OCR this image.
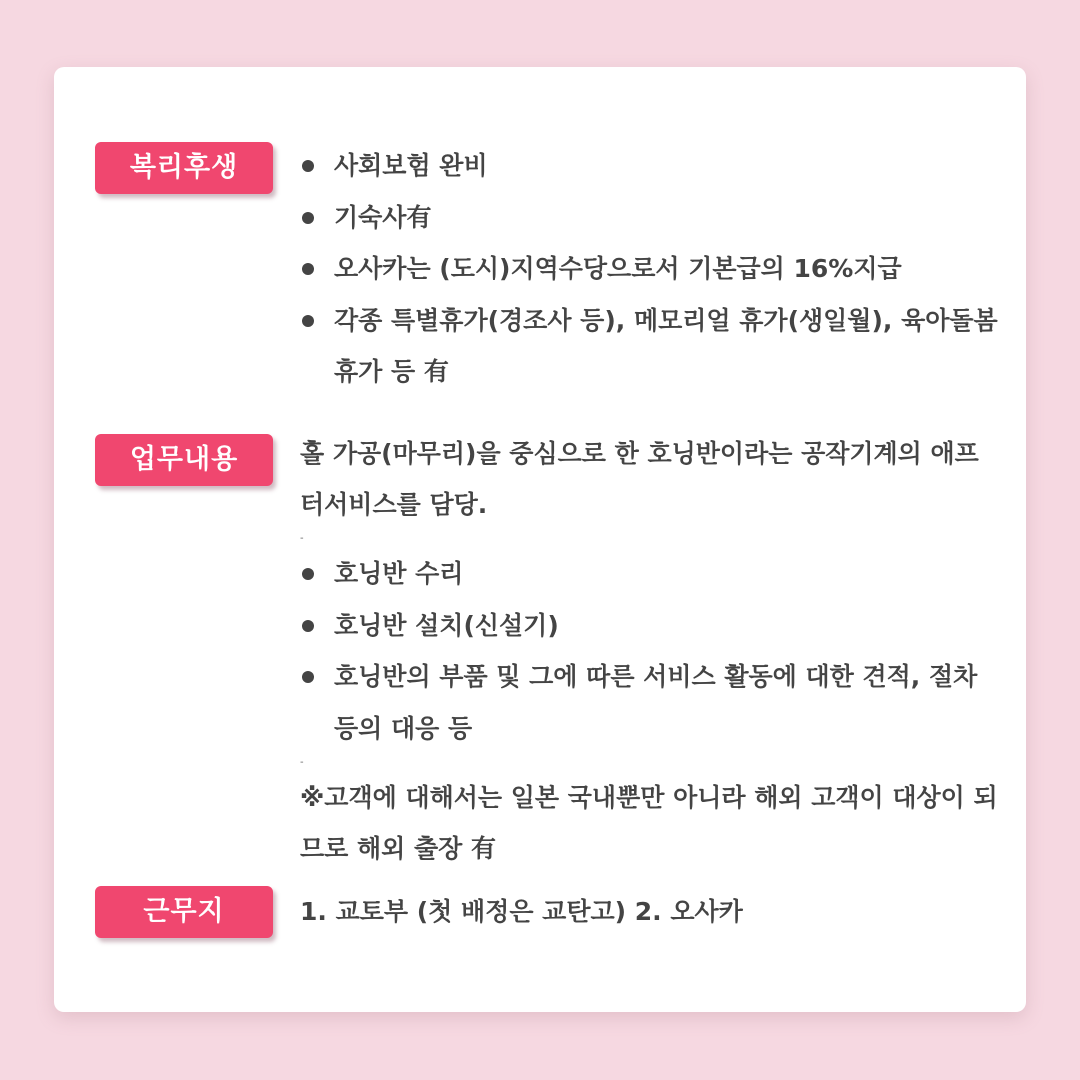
복리후생	사회보험 완비
기숙사有
오사카는 (도시)지역수당으로서 기본급의 16%지급
각종 특별휴가(경조사 등), 메모리얼 휴가(생일월), 육아돌봄 휴가 등 有
업무내용	홀 가공(마무리)을 중심으로 한 호닝반이라는 공작기계의 애프터서비스를 담당.

-
호닝반 수리
호닝반 설치(신설기)
호닝반의 부품 및 그에 따른 서비스 활동에 대한 견적, 절차 등의 대응 등
-

※고객에 대해서는 일본 국내뿐만 아니라 해외 고객이 대상이 되므로 해외 출장 有

근무지	1. 교토부 (첫 배정은 교탄고) 2. 오사카
